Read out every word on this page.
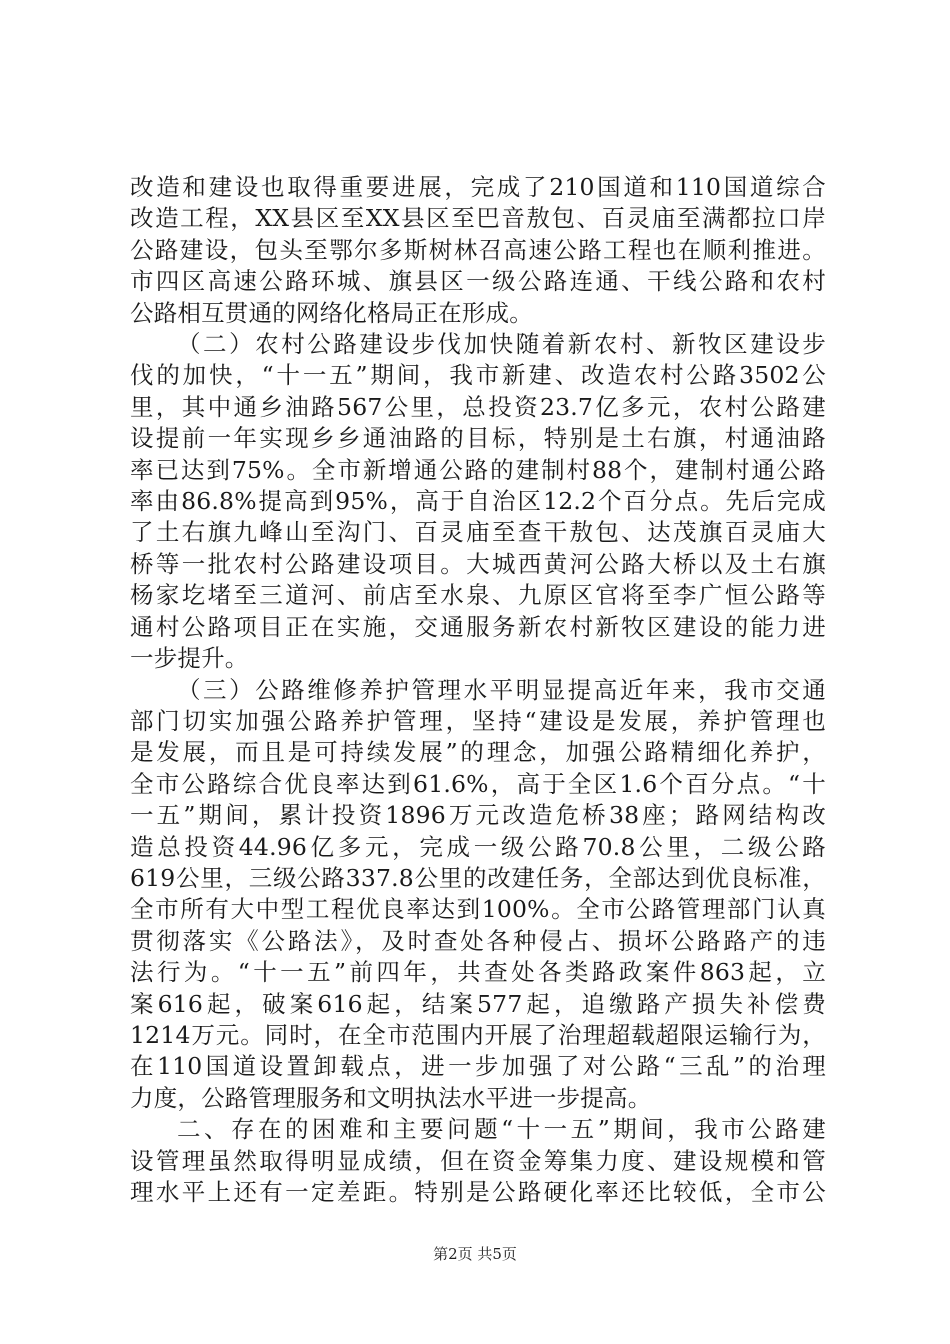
改造和建设也取得重要进展，完成了210国道和110国道综合
改造工程，XX县区至XX县区至巴音敖包、百灵庙至满都拉口岸
公路建设，包头至鄂尔多斯树林召高速公路工程也在顺利推进。
市四区高速公路环城、旗县区一级公路连通、干线公路和农村
公路相互贯通的网络化格局正在形成。
（二）农村公路建设步伐加快随着新农村、新牧区建设步
伐的加快，“十一五”期间，我市新建、改造农村公路3502公
里，其中通乡油路567公里，总投资23.7亿多元，农村公路建
设提前一年实现乡乡通油路的目标，特别是土右旗，村通油路
率已达到75%。全市新增通公路的建制村88个，建制村通公路
率由86.8%提高到95%，高于自治区12.2个百分点。先后完成
了土右旗九峰山至沟门、百灵庙至查干敖包、达茂旗百灵庙大
桥等一批农村公路建设项目。大城西黄河公路大桥以及土右旗
杨家圪堵至三道河、前店至水泉、九原区官将至李广恒公路等
通村公路项目正在实施，交通服务新农村新牧区建设的能力进
一步提升。
（三）公路维修养护管理水平明显提高近年来，我市交通
部门切实加强公路养护管理，坚持“建设是发展，养护管理也
是发展，而且是可持续发展”的理念，加强公路精细化养护，
全市公路综合优良率达到61.6%，高于全区1.6个百分点。“十
一五”期间，累计投资1896万元改造危桥38座；路网结构改
造总投资44.96亿多元，完成一级公路70.8公里，二级公路
619公里，三级公路337.8公里的改建任务，全部达到优良标准，
全市所有大中型工程优良率达到100%。全市公路管理部门认真
贯彻落实《公路法》，及时查处各种侵占、损坏公路路产的违
法行为。“十一五”前四年，共查处各类路政案件863起，立
案616起，破案616起，结案577起，追缴路产损失补偿费
1214万元。同时，在全市范围内开展了治理超载超限运输行为，
在110国道设置卸载点，进一步加强了对公路“三乱”的治理
力度，公路管理服务和文明执法水平进一步提高。
二、存在的困难和主要问题“十一五”期间，我市公路建
设管理虽然取得明显成绩，但在资金筹集力度、建设规模和管
理水平上还有一定差距。特别是公路硬化率还比较低，全市公
第2页 共5页
